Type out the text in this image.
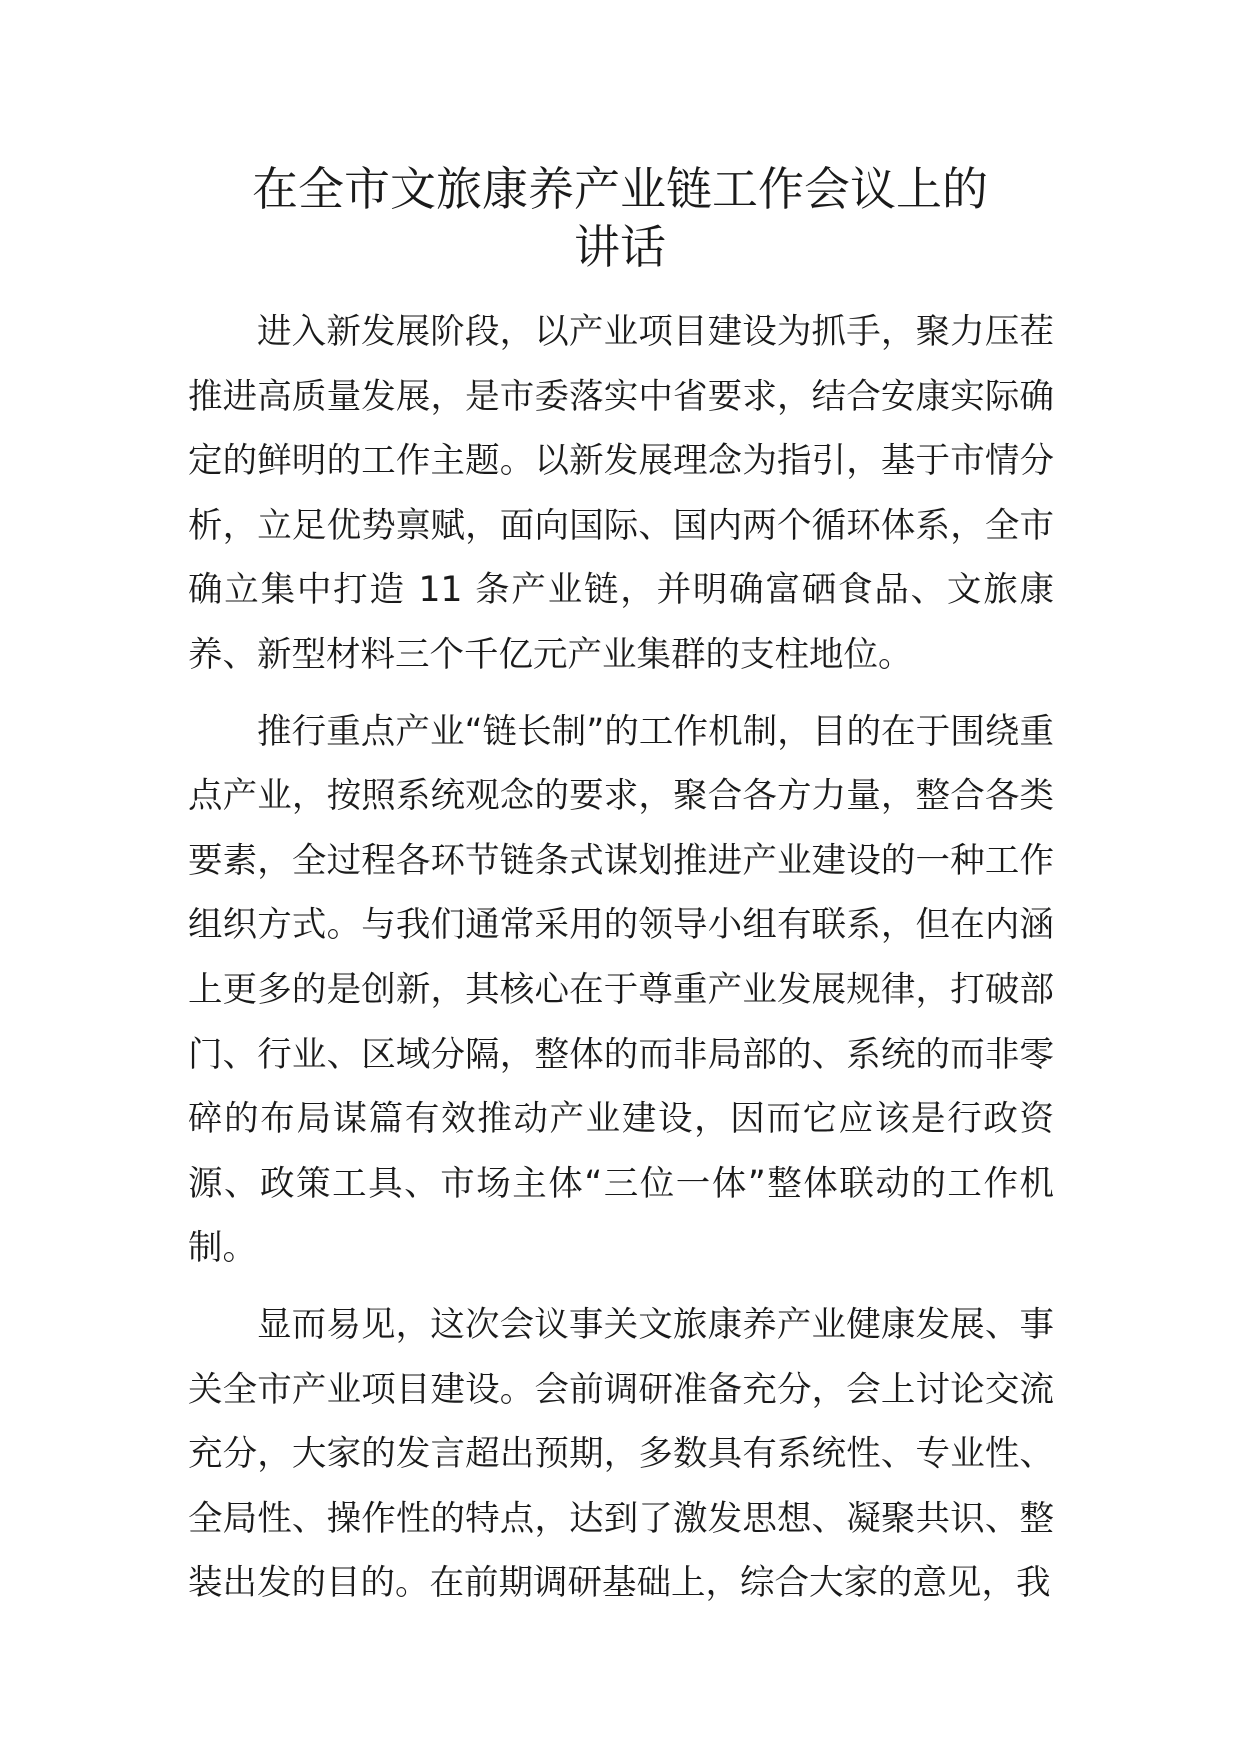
在全市文旅康养产业链工作会议上的
讲话

进入新发展阶段，以产业项目建设为抓手，聚力压茬推进高质量发展，是市委落实中省要求，结合安康实际确定的鲜明的工作主题。以新发展理念为指引，基于市情分析，立足优势禀赋，面向国际、国内两个循环体系，全市确立集中打造 11 条产业链，并明确富硒食品、文旅康养、新型材料三个千亿元产业集群的支柱地位。

推行重点产业“链长制”的工作机制，目的在于围绕重点产业，按照系统观念的要求，聚合各方力量，整合各类要素，全过程各环节链条式谋划推进产业建设的一种工作组织方式。与我们通常采用的领导小组有联系，但在内涵上更多的是创新，其核心在于尊重产业发展规律，打破部门、行业、区域分隔，整体的而非局部的、系统的而非零碎的布局谋篇有效推动产业建设，因而它应该是行政资源、政策工具、市场主体“三位一体”整体联动的工作机制。

显而易见，这次会议事关文旅康养产业健康发展、事关全市产业项目建设。会前调研准备充分，会上讨论交流充分，大家的发言超出预期，多数具有系统性、专业性、全局性、操作性的特点，达到了激发思想、凝聚共识、整装出发的目的。在前期调研基础上，综合大家的意见，我
